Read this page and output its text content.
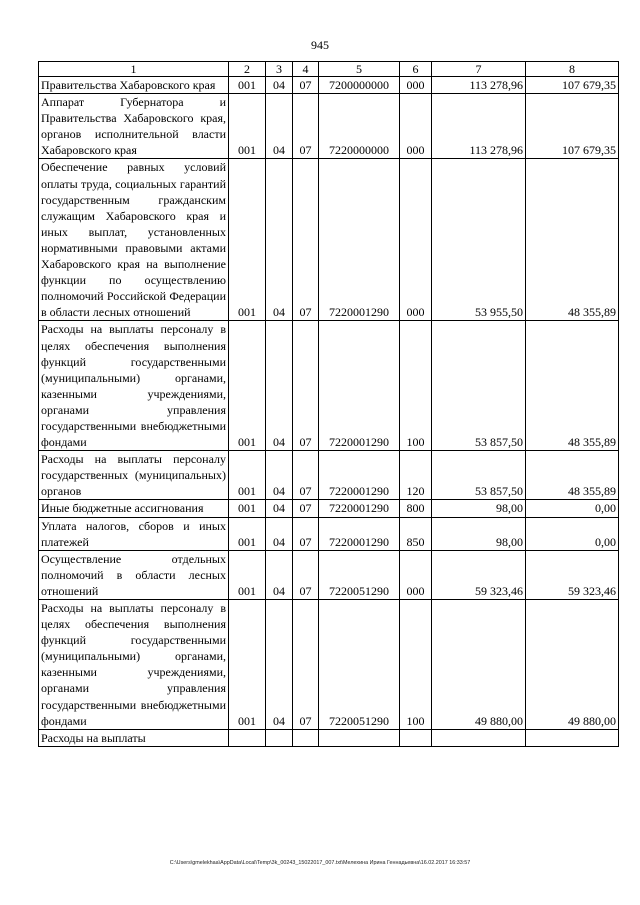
945
1	2	3	4	5	6	7	8
Правительства Хабаровского края	001	04	07	7200000000	000	113 278,96	107 679,35
Аппарат Губернатора и Правительства Хабаровского края, органов исполнительной власти Хабаровского края	001	04	07	7220000000	000	113 278,96	107 679,35
Обеспечение равных условий оплаты труда, социальных гарантий государственным гражданским служащим Хабаровского края и иных выплат, установленных нормативными правовыми актами Хабаровского края на выполнение функции по осуществлению полномочий Российской Федерации в области лесных отношений	001	04	07	7220001290	000	53 955,50	48 355,89
Расходы на выплаты персоналу в целях обеспечения выполнения функций государственными (муниципальными) органами, казенными учреждениями, органами управления государственными внебюджетными фондами	001	04	07	7220001290	100	53 857,50	48 355,89
Расходы на выплаты персоналу государственных (муниципальных) органов	001	04	07	7220001290	120	53 857,50	48 355,89
Иные бюджетные ассигнования	001	04	07	7220001290	800	98,00	0,00
Уплата налогов, сборов и иных платежей	001	04	07	7220001290	850	98,00	0,00
Осуществление отдельных полномочий в области лесных отношений	001	04	07	7220051290	000	59 323,46	59 323,46
Расходы на выплаты персоналу в целях обеспечения выполнения функций государственными (муниципальными) органами, казенными учреждениями, органами управления государственными внебюджетными фондами	001	04	07	7220051290	100	49 880,00	49 880,00
Расходы на выплаты							
C:\Users\gmelekhaa\AppData\Local\Temp\3k_00243_15022017_007.txt\Мелехина Ирина Геннадьевна\16.02.2017 16:33:57
